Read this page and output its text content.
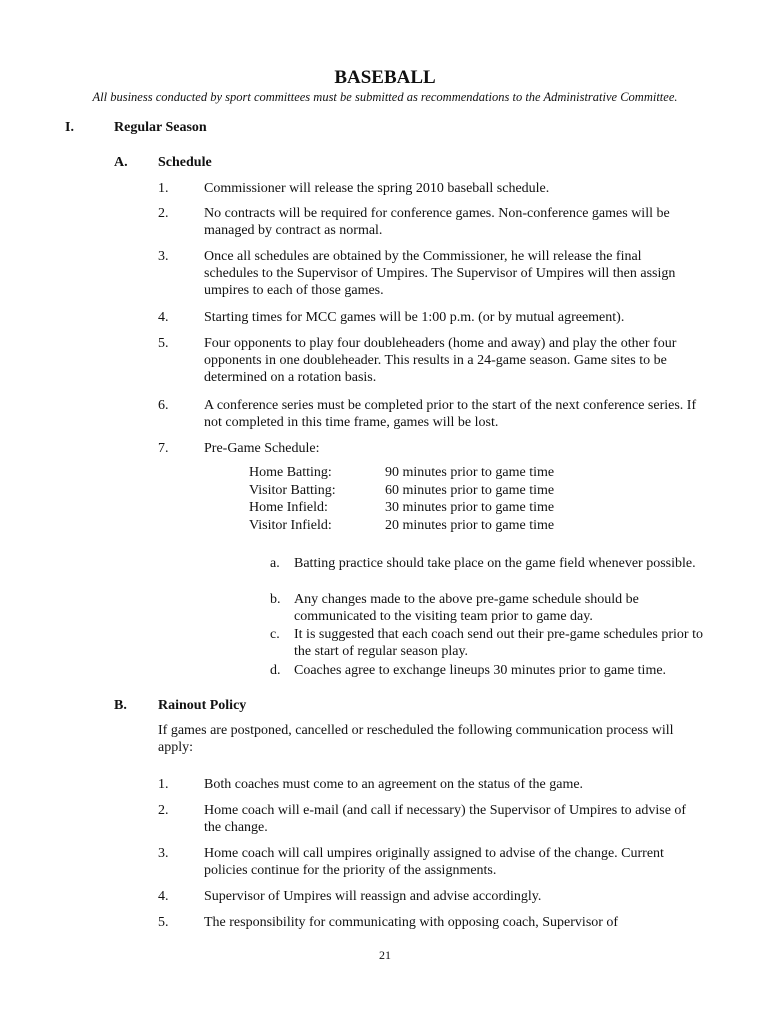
BASEBALL
All business conducted by sport committees must be submitted as recommendations to the Administrative Committee.
I.	Regular Season
A. Schedule
1.	Commissioner will release the spring 2010 baseball schedule.
2.	No contracts will be required for conference games. Non-conference games will be managed by contract as normal.
3.	Once all schedules are obtained by the Commissioner, he will release the final schedules to the Supervisor of Umpires. The Supervisor of Umpires will then assign umpires to each of those games.
4.	Starting times for MCC games will be 1:00 p.m. (or by mutual agreement).
5.	Four opponents to play four doubleheaders (home and away) and play the other four opponents in one doubleheader. This results in a 24-game season. Game sites to be determined on a rotation basis.
6.	A conference series must be completed prior to the start of the next conference series. If not completed in this time frame, games will be lost.
7.	Pre-Game Schedule:
Home Batting:	90 minutes prior to game time
Visitor Batting:	60 minutes prior to game time
Home Infield:	30 minutes prior to game time
Visitor Infield:	20 minutes prior to game time
a. Batting practice should take place on the game field whenever possible.
b. Any changes made to the above pre-game schedule should be communicated to the visiting team prior to game day.
c. It is suggested that each coach send out their pre-game schedules prior to the start of regular season play.
d. Coaches agree to exchange lineups 30 minutes prior to game time.
B. Rainout Policy
If games are postponed, cancelled or rescheduled the following communication process will apply:
1.	Both coaches must come to an agreement on the status of the game.
2.	Home coach will e-mail (and call if necessary) the Supervisor of Umpires to advise of the change.
3.	Home coach will call umpires originally assigned to advise of the change. Current policies continue for the priority of the assignments.
4.	Supervisor of Umpires will reassign and advise accordingly.
5.	The responsibility for communicating with opposing coach, Supervisor of
21
